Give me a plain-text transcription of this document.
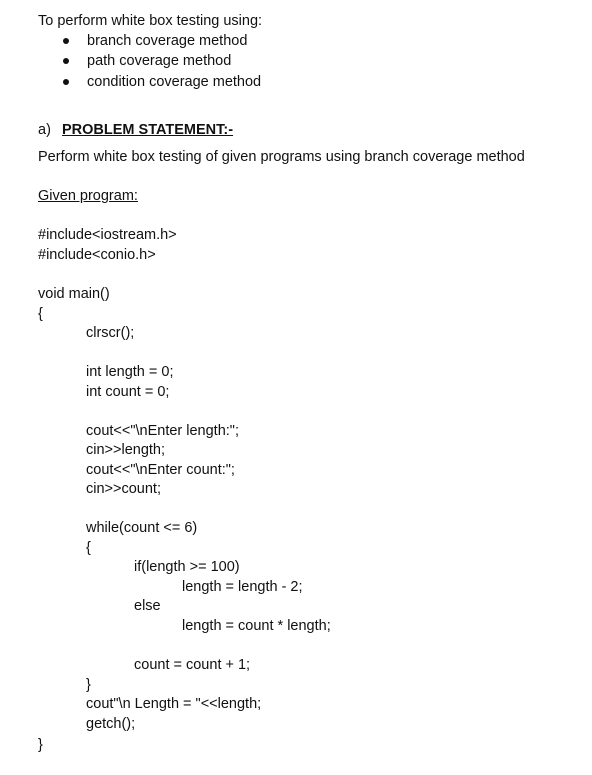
To perform white box testing using:
branch coverage method
path coverage method
condition coverage method
a) PROBLEM STATEMENT:-
Perform white box testing of given programs using branch coverage method
Given program:
#include<iostream.h>
#include<conio.h>
void main()
{
clrscr();
int length = 0;
int count = 0;
cout<<"\nEnter length:";
cin>>length;
cout<<"\nEnter count:";
cin>>count;
while(count <= 6)
{
if(length >= 100)
length = length - 2;
else
length = count * length;
count = count + 1;
}
cout"\n Length = "<<length;
getch();
}
